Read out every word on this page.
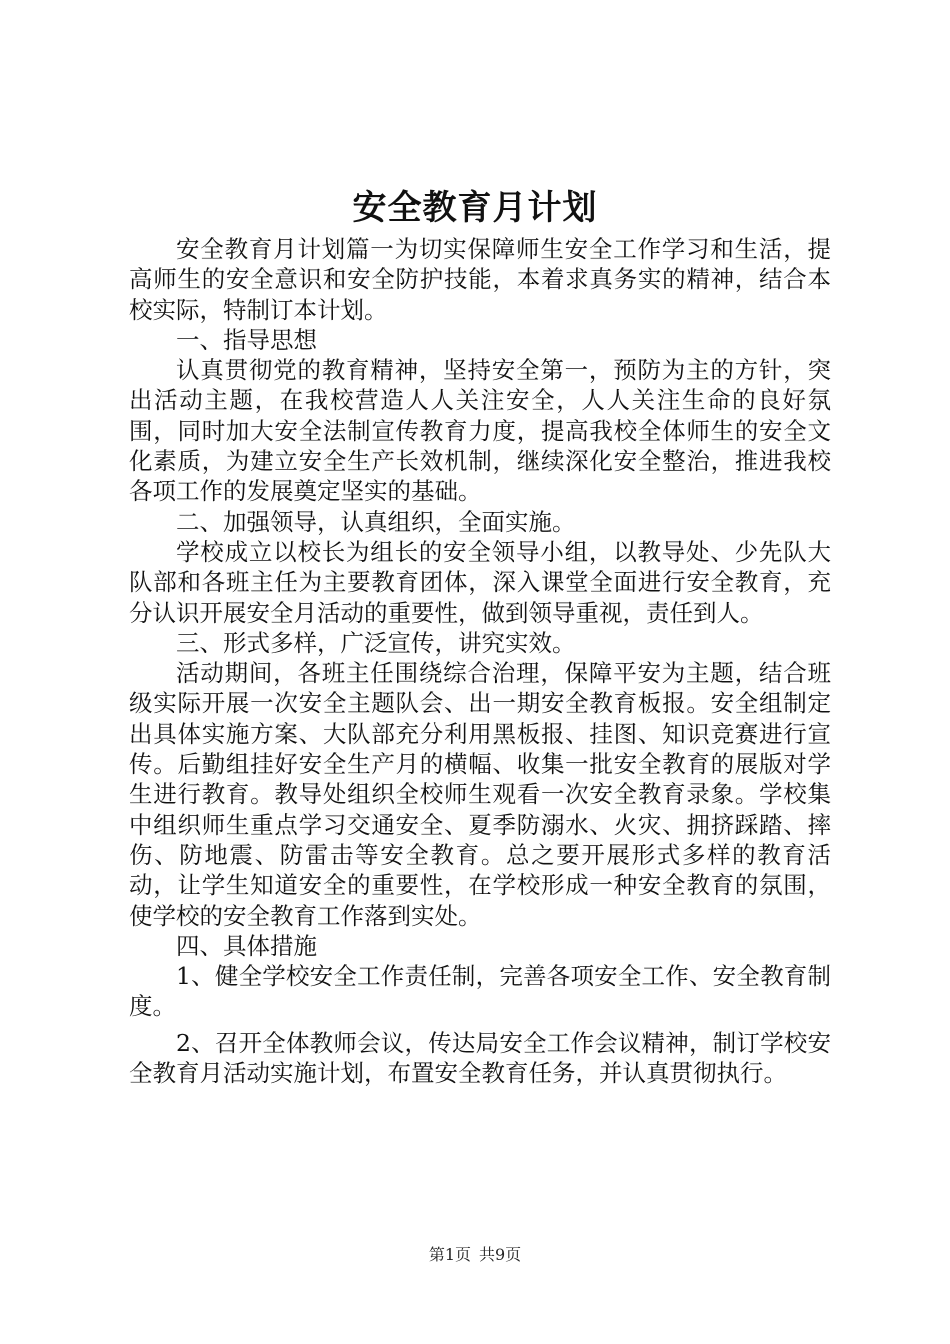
安全教育月计划

安全教育月计划篇一为切实保障师生安全工作学习和生活，提高师生的安全意识和安全防护技能，本着求真务实的精神，结合本校实际，特制订本计划。

一、指导思想

认真贯彻党的教育精神，坚持安全第一，预防为主的方针，突出活动主题，在我校营造人人关注安全，人人关注生命的良好氛围，同时加大安全法制宣传教育力度，提高我校全体师生的安全文化素质，为建立安全生产长效机制，继续深化安全整治，推进我校各项工作的发展奠定坚实的基础。

二、加强领导，认真组织，全面实施。

学校成立以校长为组长的安全领导小组，以教导处、少先队大队部和各班主任为主要教育团体，深入课堂全面进行安全教育，充分认识开展安全月活动的重要性，做到领导重视，责任到人。

三、形式多样，广泛宣传，讲究实效。

活动期间，各班主任围绕综合治理，保障平安为主题，结合班级实际开展一次安全主题队会、出一期安全教育板报。安全组制定出具体实施方案、大队部充分利用黑板报、挂图、知识竞赛进行宣传。后勤组挂好安全生产月的横幅、收集一批安全教育的展版对学生进行教育。教导处组织全校师生观看一次安全教育录象。学校集中组织师生重点学习交通安全、夏季防溺水、火灾、拥挤踩踏、摔伤、防地震、防雷击等安全教育。总之要开展形式多样的教育活动，让学生知道安全的重要性，在学校形成一种安全教育的氛围，使学校的安全教育工作落到实处。

四、具体措施

1、健全学校安全工作责任制，完善各项安全工作、安全教育制度。

2、召开全体教师会议，传达局安全工作会议精神，制订学校安全教育月活动实施计划，布置安全教育任务，并认真贯彻执行。

第1页 共9页
